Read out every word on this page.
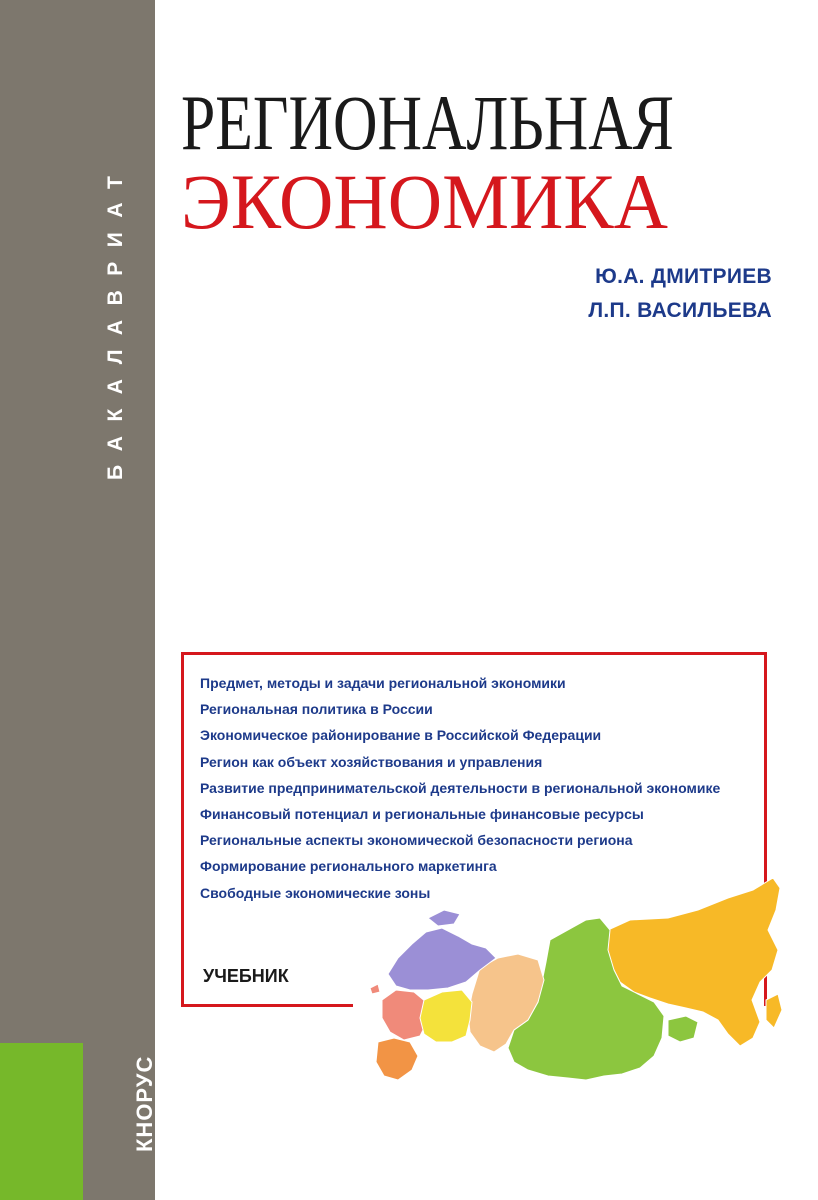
БАКАЛАВРИАТ
КНОРУС
РЕГИОНАЛЬНАЯ
ЭКОНОМИКА
Ю.А. ДМИТРИЕВ
Л.П. ВАСИЛЬЕВА
Предмет, методы и задачи региональной экономики
Региональная политика в России
Экономическое районирование в Российской Федерации
Регион как объект хозяйствования и управления
Развитие предпринимательской деятельности в региональной экономике
Финансовый потенциал и региональные финансовые ресурсы
Региональные аспекты экономической безопасности региона
Формирование регионального маркетинга
Свободные экономические зоны
УЧЕБНИК
